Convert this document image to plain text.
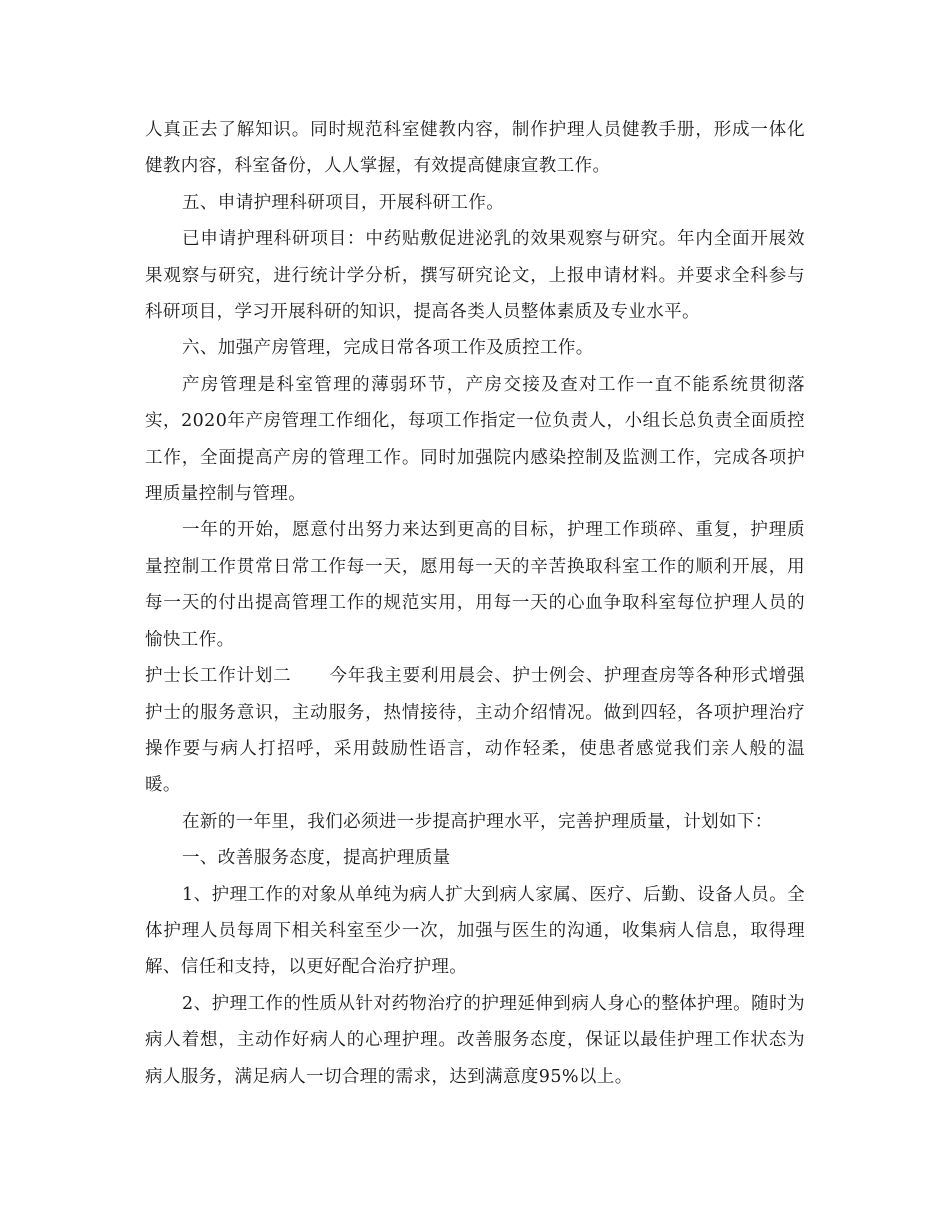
人真正去了解知识。同时规范科室健教内容，制作护理人员健教手册，形成一体化健教内容，科室备份，人人掌握，有效提高健康宣教工作。

五、申请护理科研项目，开展科研工作。

已申请护理科研项目：中药贴敷促进泌乳的效果观察与研究。年内全面开展效果观察与研究，进行统计学分析，撰写研究论文，上报申请材料。并要求全科参与科研项目，学习开展科研的知识，提高各类人员整体素质及专业水平。

六、加强产房管理，完成日常各项工作及质控工作。

产房管理是科室管理的薄弱环节，产房交接及查对工作一直不能系统贯彻落实，2020年产房管理工作细化，每项工作指定一位负责人，小组长总负责全面质控工作，全面提高产房的管理工作。同时加强院内感染控制及监测工作，完成各项护理质量控制与管理。

一年的开始，愿意付出努力来达到更高的目标，护理工作琐碎、重复，护理质量控制工作贯常日常工作每一天，愿用每一天的辛苦换取科室工作的顺利开展，用每一天的付出提高管理工作的规范实用，用每一天的心血争取科室每位护理人员的愉快工作。

护士长工作计划二 今年我主要利用晨会、护士例会、护理查房等各种形式增强护士的服务意识，主动服务，热情接待，主动介绍情况。做到四轻，各项护理治疗操作要与病人打招呼，采用鼓励性语言，动作轻柔，使患者感觉我们亲人般的温暖。

在新的一年里，我们必须进一步提高护理水平，完善护理质量，计划如下：

一、改善服务态度，提高护理质量

1、护理工作的对象从单纯为病人扩大到病人家属、医疗、后勤、设备人员。全体护理人员每周下相关科室至少一次，加强与医生的沟通，收集病人信息，取得理解、信任和支持，以更好配合治疗护理。

2、护理工作的性质从针对药物治疗的护理延伸到病人身心的整体护理。随时为病人着想，主动作好病人的心理护理。改善服务态度，保证以最佳护理工作状态为病人服务，满足病人一切合理的需求，达到满意度95%以上。
